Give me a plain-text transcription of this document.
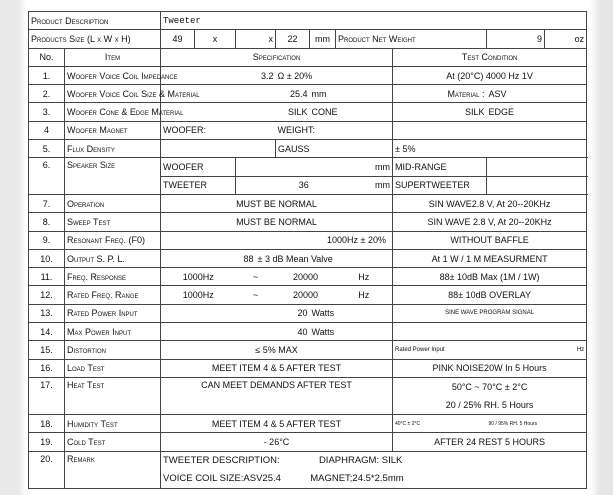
Product Description		Tweeter											
Products Size (L x W x H)		49	x	x		22	mm	Product Net Weight			9	oz	
No.	Item	Specification								Test Condition			
1.	Woofer Voice Coil Impedance	3.2				Ω ± 20%				At (20°C) 4000 Hz 1V			
2.	Woofer Voice Coil Size & Material	25.4					mm			Material :	ASV		
3.	Woofer Cone & Edge Material	SILK					CONE			SILK	EDGE		
4	Woofer Magnet	WOOFER:				WEIGHT:							
5.	Flux Density					GAUSS				± 5%			
6.	Speaker Size	WOOFER							mm	MID-RANGE		
		TWEETER		36					mm	SUPERTWEETER		
7.	Operation	MUST BE NORMAL								SIN WAVE2.8 V, At 20--20KHz			
8.	Sweep Test	MUST BE NORMAL								SIN WAVE 2.8 V, At 20--20KHz			
9.	Resonant Freq. (F0)	1000Hz ± 20%								WITHOUT BAFFLE			
10.	Output S. P. L.	88			± 3 dB Mean Valve					At 1 W / 1 M MEASURMENT			
11.	Freq. Response	1000Hz		~		20000		Hz		88± 10dB Max (1M / 1W)			
12.	Rated Freq. Range	1000Hz		~		20000		Hz		88± 10dB OVERLAY			
13.	Rated Power Input	20					Watts			SINE WAVE PROGRAM SIGNAL			
14.	Max Power Input	40					Watts						
15.	Distortion	≤ 5% MAX								Rated Power Input		Hz	
16.	Load Test	MEET ITEM 4 & 5 AFTER TEST								PINK NOISE20W In 5 Hours			
17.	Heat Test	CAN MEET DEMANDS AFTER TEST								50°C ~ 70°C ± 2°C
20 / 25% RH. 5 Hours			

18.	Humidity Test	MEET ITEM 4 & 5 AFTER TEST								40°C ± 2°C	90 / 95% RH. 5 Hours		
19.	Cold Test	- 26°C								AFTER 24 REST 5 HOURS			
20.	Remark	TWEETER DESCRIPTION: DIAPHRAGM: SILK
VOICE COIL SIZE:ASV25.4 MAGNET;24.5*2.5mm											
